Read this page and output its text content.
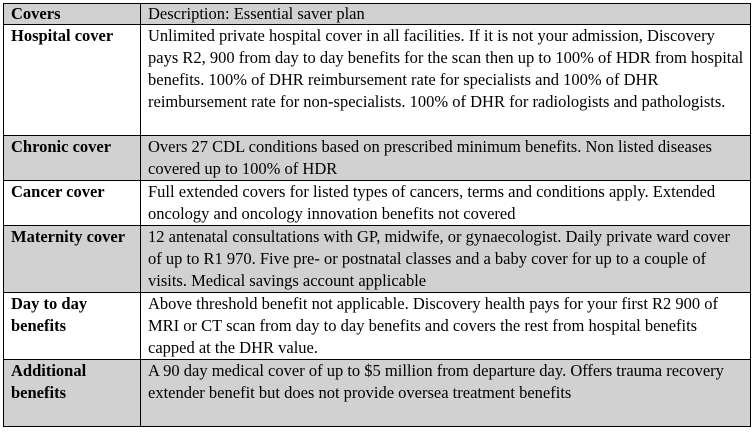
Covers	Description: Essential saver plan
Hospital cover	Unlimited private hospital cover in all facilities. If it is not your admission, Discovery pays R2, 900 from day to day benefits for the scan then up to 100% of HDR from hospital benefits. 100% of DHR reimbursement rate for specialists and 100% of DHR reimbursement rate for non-specialists. 100% of DHR for radiologists and pathologists.
Chronic cover	Overs 27 CDL conditions based on prescribed minimum benefits. Non listed diseases covered up to 100% of HDR
Cancer cover	Full extended covers for listed types of cancers, terms and conditions apply. Extended oncology and oncology innovation benefits not covered
Maternity cover	12 antenatal consultations with GP, midwife, or gynaecologist. Daily private ward cover of up to R1 970. Five pre- or postnatal classes and a baby cover for up to a couple of visits. Medical savings account applicable
Day to day benefits	Above threshold benefit not applicable. Discovery health pays for your first R2 900 of MRI or CT scan from day to day benefits and covers the rest from hospital benefits capped at the DHR value.
Additional benefits	A 90 day medical cover of up to $5 million from departure day. Offers trauma recovery extender benefit but does not provide oversea treatment benefits
